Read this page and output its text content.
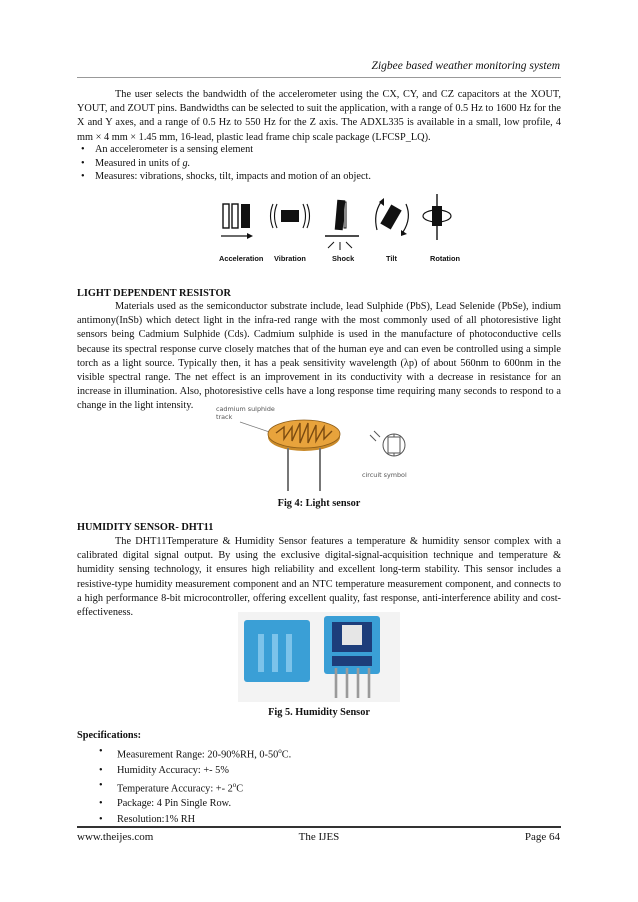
Zigbee based weather monitoring system
The user selects the bandwidth of the accelerometer using the CX, CY, and CZ capacitors at the XOUT, YOUT, and ZOUT pins. Bandwidths can be selected to suit the application, with a range of 0.5 Hz to 1600 Hz for the X and Y axes, and a range of 0.5 Hz to 550 Hz for the Z axis. The ADXL335 is available in a small, low profile, 4 mm × 4 mm × 1.45 mm, 16-lead, plastic lead frame chip scale package (LFCSP_LQ).
• An accelerometer is a sensing element
• Measured in units of g.
• Measures: vibrations, shocks, tilt, impacts and motion of an object.
Acceleration Vibration	Shock	Tilt	Rotation
LIGHT DEPENDENT RESISTOR
Materials used as the semiconductor substrate include, lead Sulphide (PbS), Lead Selenide (PbSe), indium antimony(InSb) which detect light in the infra-red range with the most commonly used of all photoresistive light sensors being Cadmium Sulphide (Cds). Cadmium sulphide is used in the manufacture of photoconductive cells because its spectral response curve closely matches that of the human eye and can even be controlled using a simple torch as a light source. Typically then, it has a peak sensitivity wavelength (λp) of about 560nm to 600nm in the visible spectral range. The net effect is an improvement in its conductivity with a decrease in resistance for an increase in illumination. Also, photoresistive cells have a long response time requiring many seconds to respond to a change in the light intensity.	cadmium sulphide
track
circuit symbol
Fig 4: Light sensor
HUMIDITY SENSOR- DHT11
The DHT11Temperature & Humidity Sensor features a temperature & humidity sensor complex with a calibrated digital signal output. By using the exclusive digital-signal-acquisition technique and temperature & humidity sensing technology, it ensures high reliability and excellent long-term stability. This sensor includes a resistive-type humidity measurement component and an NTC temperature measurement component, and connects to a high performance 8-bit microcontroller, offering excellent quality, fast response, anti-interference ability and cost-effectiveness.
Fig 5. Humidity Sensor
Specifications:
• Measurement Range: 20-90%RH, 0-50$^o$C.
• Humidity Accuracy: +- 5%
• Temperature Accuracy: +- 2$^o$C
• Package: 4 Pin Single Row.
• Resolution:1% RH
www.theijes.com	The IJES	Page 64
